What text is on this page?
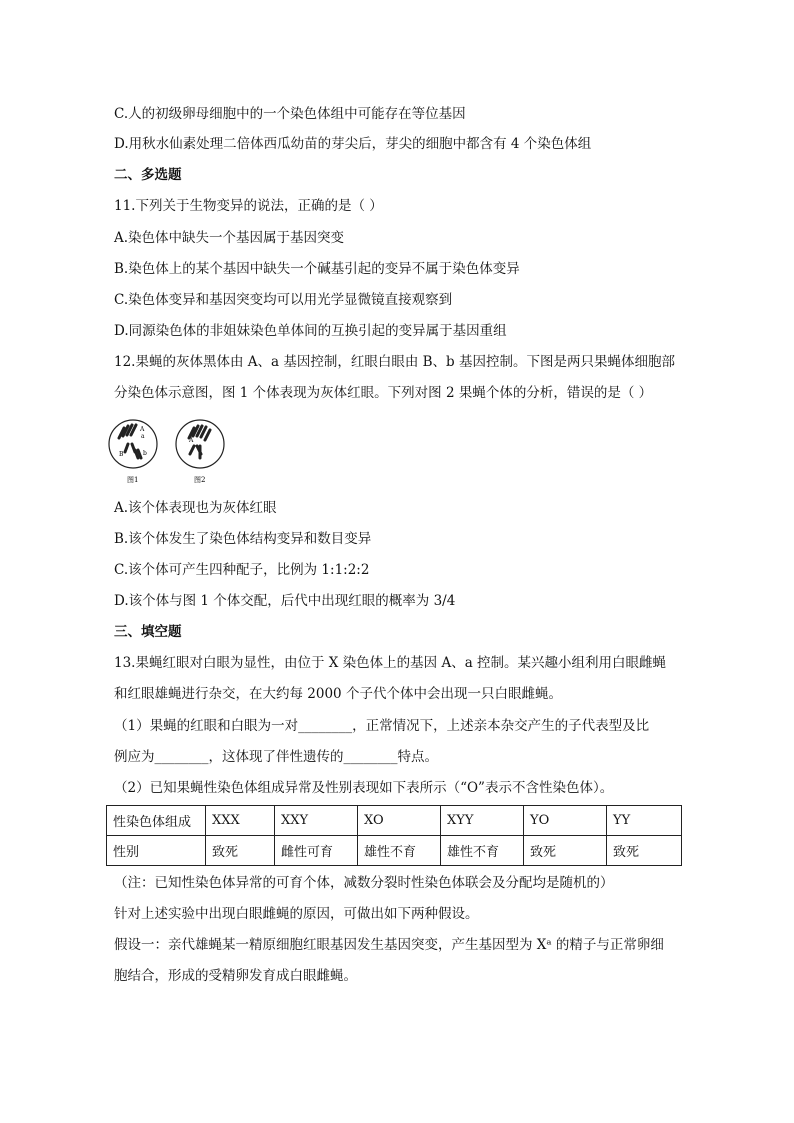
C.人的初级卵母细胞中的一个染色体组中可能存在等位基因
D.用秋水仙素处理二倍体西瓜幼苗的芽尖后，芽尖的细胞中都含有 4 个染色体组
二、多选题
11.下列关于生物变异的说法，正确的是（ ）
A.染色体中缺失一个基因属于基因突变
B.染色体上的某个基因中缺失一个碱基引起的变异不属于染色体变异
C.染色体变异和基因突变均可以用光学显微镜直接观察到
D.同源染色体的非姐妹染色单体间的互换引起的变异属于基因重组
12.果蝇的灰体黑体由 A、a 基因控制，红眼白眼由 B、b 基因控制。下图是两只果蝇体细胞部
分染色体示意图，图 1 个体表现为灰体红眼。下列对图 2 果蝇个体的分析，错误的是（ ）
A
a
B	b
图1
A
图2
A.该个体表现也为灰体红眼
B.该个体发生了染色体结构变异和数目变异
C.该个体可产生四种配子，比例为 1:1:2:2
D.该个体与图 1 个体交配，后代中出现红眼的概率为 3/4
三、填空题
13.果蝇红眼对白眼为显性，由位于 X 染色体上的基因 A、a 控制。某兴趣小组利用白眼雌蝇
和红眼雄蝇进行杂交，在大约每 2000 个子代个体中会出现一只白眼雌蝇。
（1）果蝇的红眼和白眼为一对________，正常情况下，上述亲本杂交产生的子代表型及比
例应为________，这体现了伴性遗传的________特点。
（2）已知果蝇性染色体组成异常及性别表现如下表所示（“O”表示不含性染色体）。
性染色体组成	XXX	XXY	XO	XYY	YO	YY
性别	致死	雌性可育	雄性不育	雄性不育	致死	致死
（注：已知性染色体异常的可育个体，减数分裂时性染色体联会及分配均是随机的）
针对上述实验中出现白眼雌蝇的原因，可做出如下两种假设。
假设一：亲代雄蝇某一精原细胞红眼基因发生基因突变，产生基因型为 Xᵃ 的精子与正常卵细
胞结合，形成的受精卵发育成白眼雌蝇。
